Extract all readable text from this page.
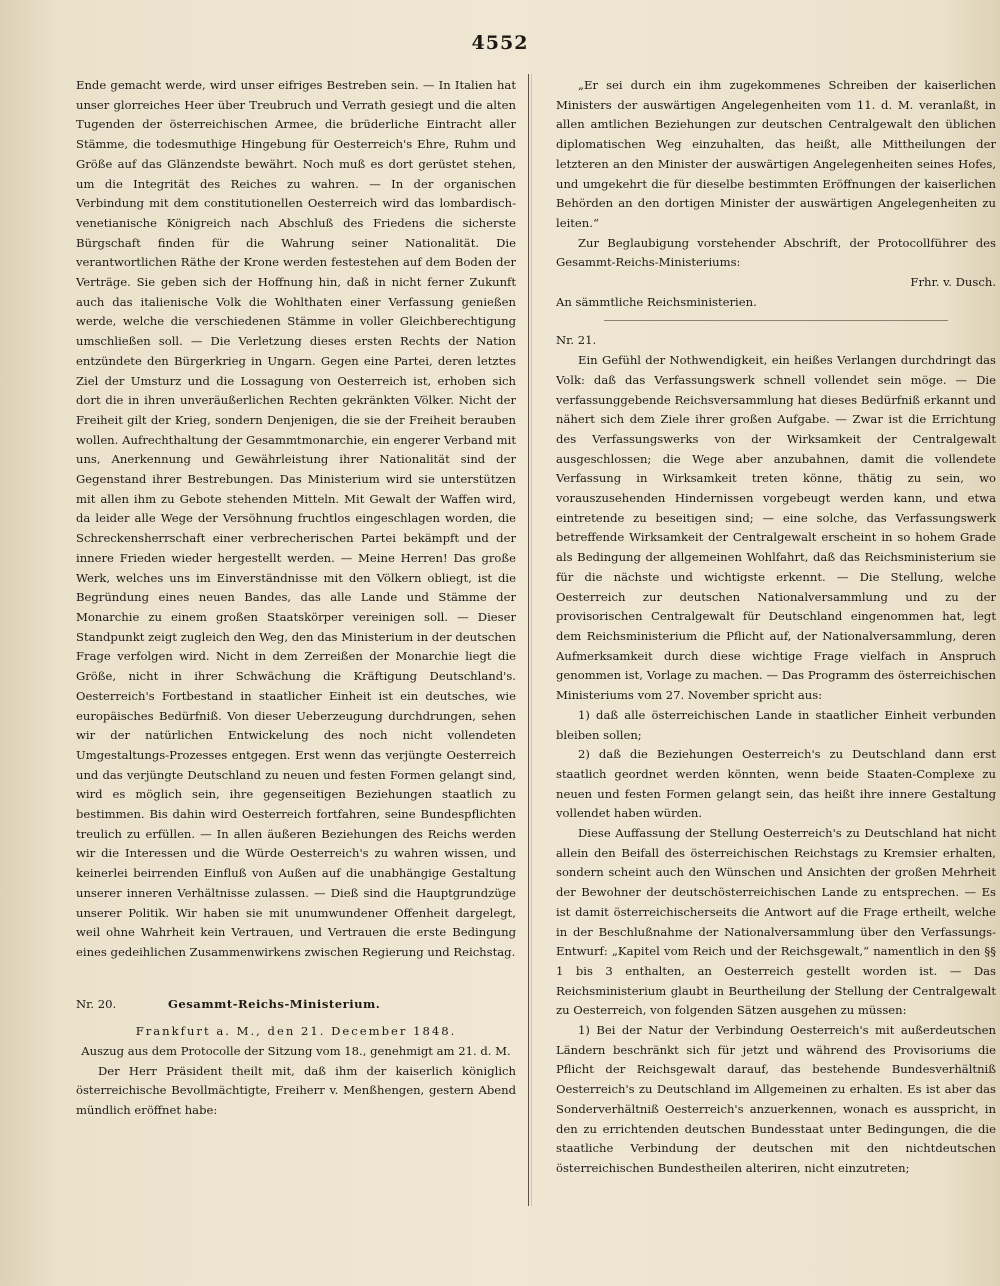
4552

Ende gemacht werde, wird unser eifriges Bestreben sein. — In Italien hat unser glorreiches Heer über Treubruch und Verrath gesiegt und die alten Tugenden der österreichischen Armee, die brüderliche Eintracht aller Stämme, die todesmuthige Hingebung für Oesterreich's Ehre, Ruhm und Größe auf das Glänzendste bewährt. Noch muß es dort gerüstet stehen, um die Integrität des Reiches zu wahren. — In der organischen Verbindung mit dem constitutionellen Oesterreich wird das lombardisch-venetianische Königreich nach Abschluß des Friedens die sicherste Bürgschaft finden für die Wahrung seiner Nationalität. Die verantwortlichen Räthe der Krone werden festestehen auf dem Boden der Verträge. Sie geben sich der Hoffnung hin, daß in nicht ferner Zukunft auch das italienische Volk die Wohlthaten einer Verfassung genießen werde, welche die verschiedenen Stämme in voller Gleichberechtigung umschließen soll. — Die Verletzung dieses ersten Rechts der Nation entzündete den Bürgerkrieg in Ungarn. Gegen eine Partei, deren letztes Ziel der Umsturz und die Lossagung von Oesterreich ist, erhoben sich dort die in ihren unveräußerlichen Rechten gekränkten Völker. Nicht der Freiheit gilt der Krieg, sondern Denjenigen, die sie der Freiheit berauben wollen. Aufrechthaltung der Gesammtmonarchie, ein engerer Verband mit uns, Anerkennung und Gewährleistung ihrer Nationalität sind der Gegenstand ihrer Bestrebungen. Das Ministerium wird sie unterstützen mit allen ihm zu Gebote stehenden Mitteln. Mit Gewalt der Waffen wird, da leider alle Wege der Versöhnung fruchtlos eingeschlagen worden, die Schreckensherrschaft einer verbrecherischen Partei bekämpft und der innere Frieden wieder hergestellt werden. — Meine Herren! Das große Werk, welches uns im Einverständnisse mit den Völkern obliegt, ist die Begründung eines neuen Bandes, das alle Lande und Stämme der Monarchie zu einem großen Staatskörper vereinigen soll. — Dieser Standpunkt zeigt zugleich den Weg, den das Ministerium in der deutschen Frage verfolgen wird. Nicht in dem Zerreißen der Monarchie liegt die Größe, nicht in ihrer Schwächung die Kräftigung Deutschland's. Oesterreich's Fortbestand in staatlicher Einheit ist ein deutsches, wie europäisches Bedürfniß. Von dieser Ueberzeugung durchdrungen, sehen wir der natürlichen Entwickelung des noch nicht vollendeten Umgestaltungs-Prozesses entgegen. Erst wenn das verjüngte Oesterreich und das verjüngte Deutschland zu neuen und festen Formen gelangt sind, wird es möglich sein, ihre gegenseitigen Beziehungen staatlich zu bestimmen. Bis dahin wird Oesterreich fortfahren, seine Bundespflichten treulich zu erfüllen. — In allen äußeren Beziehungen des Reichs werden wir die Interessen und die Würde Oesterreich's zu wahren wissen, und keinerlei beirrenden Einfluß von Außen auf die unabhängige Gestaltung unserer inneren Verhältnisse zulassen. — Dieß sind die Hauptgrundzüge unserer Politik. Wir haben sie mit unumwundener Offenheit dargelegt, weil ohne Wahrheit kein Vertrauen, und Vertrauen die erste Bedingung eines gedeihlichen Zusammenwirkens zwischen Regierung und Reichstag.

Nr. 20.	Gesammt-Reichs-Ministerium.

Frankfurt a. M., den 21. December 1848.

Auszug aus dem Protocolle der Sitzung vom 18., genehmigt am 21. d. M.

Der Herr Präsident theilt mit, daß ihm der kaiserlich königlich österreichische Bevollmächtigte, Freiherr v. Menßhengen, gestern Abend mündlich eröffnet habe:

„Er sei durch ein ihm zugekommenes Schreiben der kaiserlichen Ministers der auswärtigen Angelegenheiten vom 11. d. M. veranlaßt, in allen amtlichen Beziehungen zur deutschen Centralgewalt den üblichen diplomatischen Weg einzuhalten, das heißt, alle Mittheilungen der letzteren an den Minister der auswärtigen Angelegenheiten seines Hofes, und umgekehrt die für dieselbe bestimmten Eröffnungen der kaiserlichen Behörden an den dortigen Minister der auswärtigen Angelegenheiten zu leiten.“

Zur Beglaubigung vorstehender Abschrift, der Protocollführer des Gesammt-Reichs-Ministeriums:

Frhr. v. Dusch.

An sämmtliche Reichsministerien.

Nr. 21.

Ein Gefühl der Nothwendigkeit, ein heißes Verlangen durchdringt das Volk: daß das Verfassungswerk schnell vollendet sein möge. — Die verfassunggebende Reichsversammlung hat dieses Bedürfniß erkannt und nähert sich dem Ziele ihrer großen Aufgabe. — Zwar ist die Errichtung des Verfassungswerks von der Wirksamkeit der Centralgewalt ausgeschlossen; die Wege aber anzubahnen, damit die vollendete Verfassung in Wirksamkeit treten könne, thätig zu sein, wo vorauszusehenden Hindernissen vorgebeugt werden kann, und etwa eintretende zu beseitigen sind; — eine solche, das Verfassungswerk betreffende Wirksamkeit der Centralgewalt erscheint in so hohem Grade als Bedingung der allgemeinen Wohlfahrt, daß das Reichsministerium sie für die nächste und wichtigste erkennt. — Die Stellung, welche Oesterreich zur deutschen Nationalversammlung und zu der provisorischen Centralgewalt für Deutschland eingenommen hat, legt dem Reichsministerium die Pflicht auf, der Nationalversammlung, deren Aufmerksamkeit durch diese wichtige Frage vielfach in Anspruch genommen ist, Vorlage zu machen. — Das Programm des österreichischen Ministeriums vom 27. November spricht aus:

1) daß alle österreichischen Lande in staatlicher Einheit verbunden bleiben sollen;

2) daß die Beziehungen Oesterreich's zu Deutschland dann erst staatlich geordnet werden könnten, wenn beide Staaten-Complexe zu neuen und festen Formen gelangt sein, das heißt ihre innere Gestaltung vollendet haben würden.

Diese Auffassung der Stellung Oesterreich's zu Deutschland hat nicht allein den Beifall des österreichischen Reichstags zu Kremsier erhalten, sondern scheint auch den Wünschen und Ansichten der großen Mehrheit der Bewohner der deutschösterreichischen Lande zu entsprechen. — Es ist damit österreichischerseits die Antwort auf die Frage ertheilt, welche in der Beschlußnahme der Nationalversammlung über den Verfassungs-Entwurf: „Kapitel vom Reich und der Reichsgewalt,“ namentlich in den §§ 1 bis 3 enthalten, an Oesterreich gestellt worden ist. — Das Reichsministerium glaubt in Beurtheilung der Stellung der Centralgewalt zu Oesterreich, von folgenden Sätzen ausgehen zu müssen:

1) Bei der Natur der Verbindung Oesterreich's mit außerdeutschen Ländern beschränkt sich für jetzt und während des Provisoriums die Pflicht der Reichsgewalt darauf, das bestehende Bundesverhältniß Oesterreich's zu Deutschland im Allgemeinen zu erhalten. Es ist aber das Sonderverhältniß Oesterreich's anzuerkennen, wonach es ausspricht, in den zu errichtenden deutschen Bundesstaat unter Bedingungen, die die staatliche Verbindung der deutschen mit den nichtdeutschen österreichischen Bundestheilen alteriren, nicht einzutreten;
